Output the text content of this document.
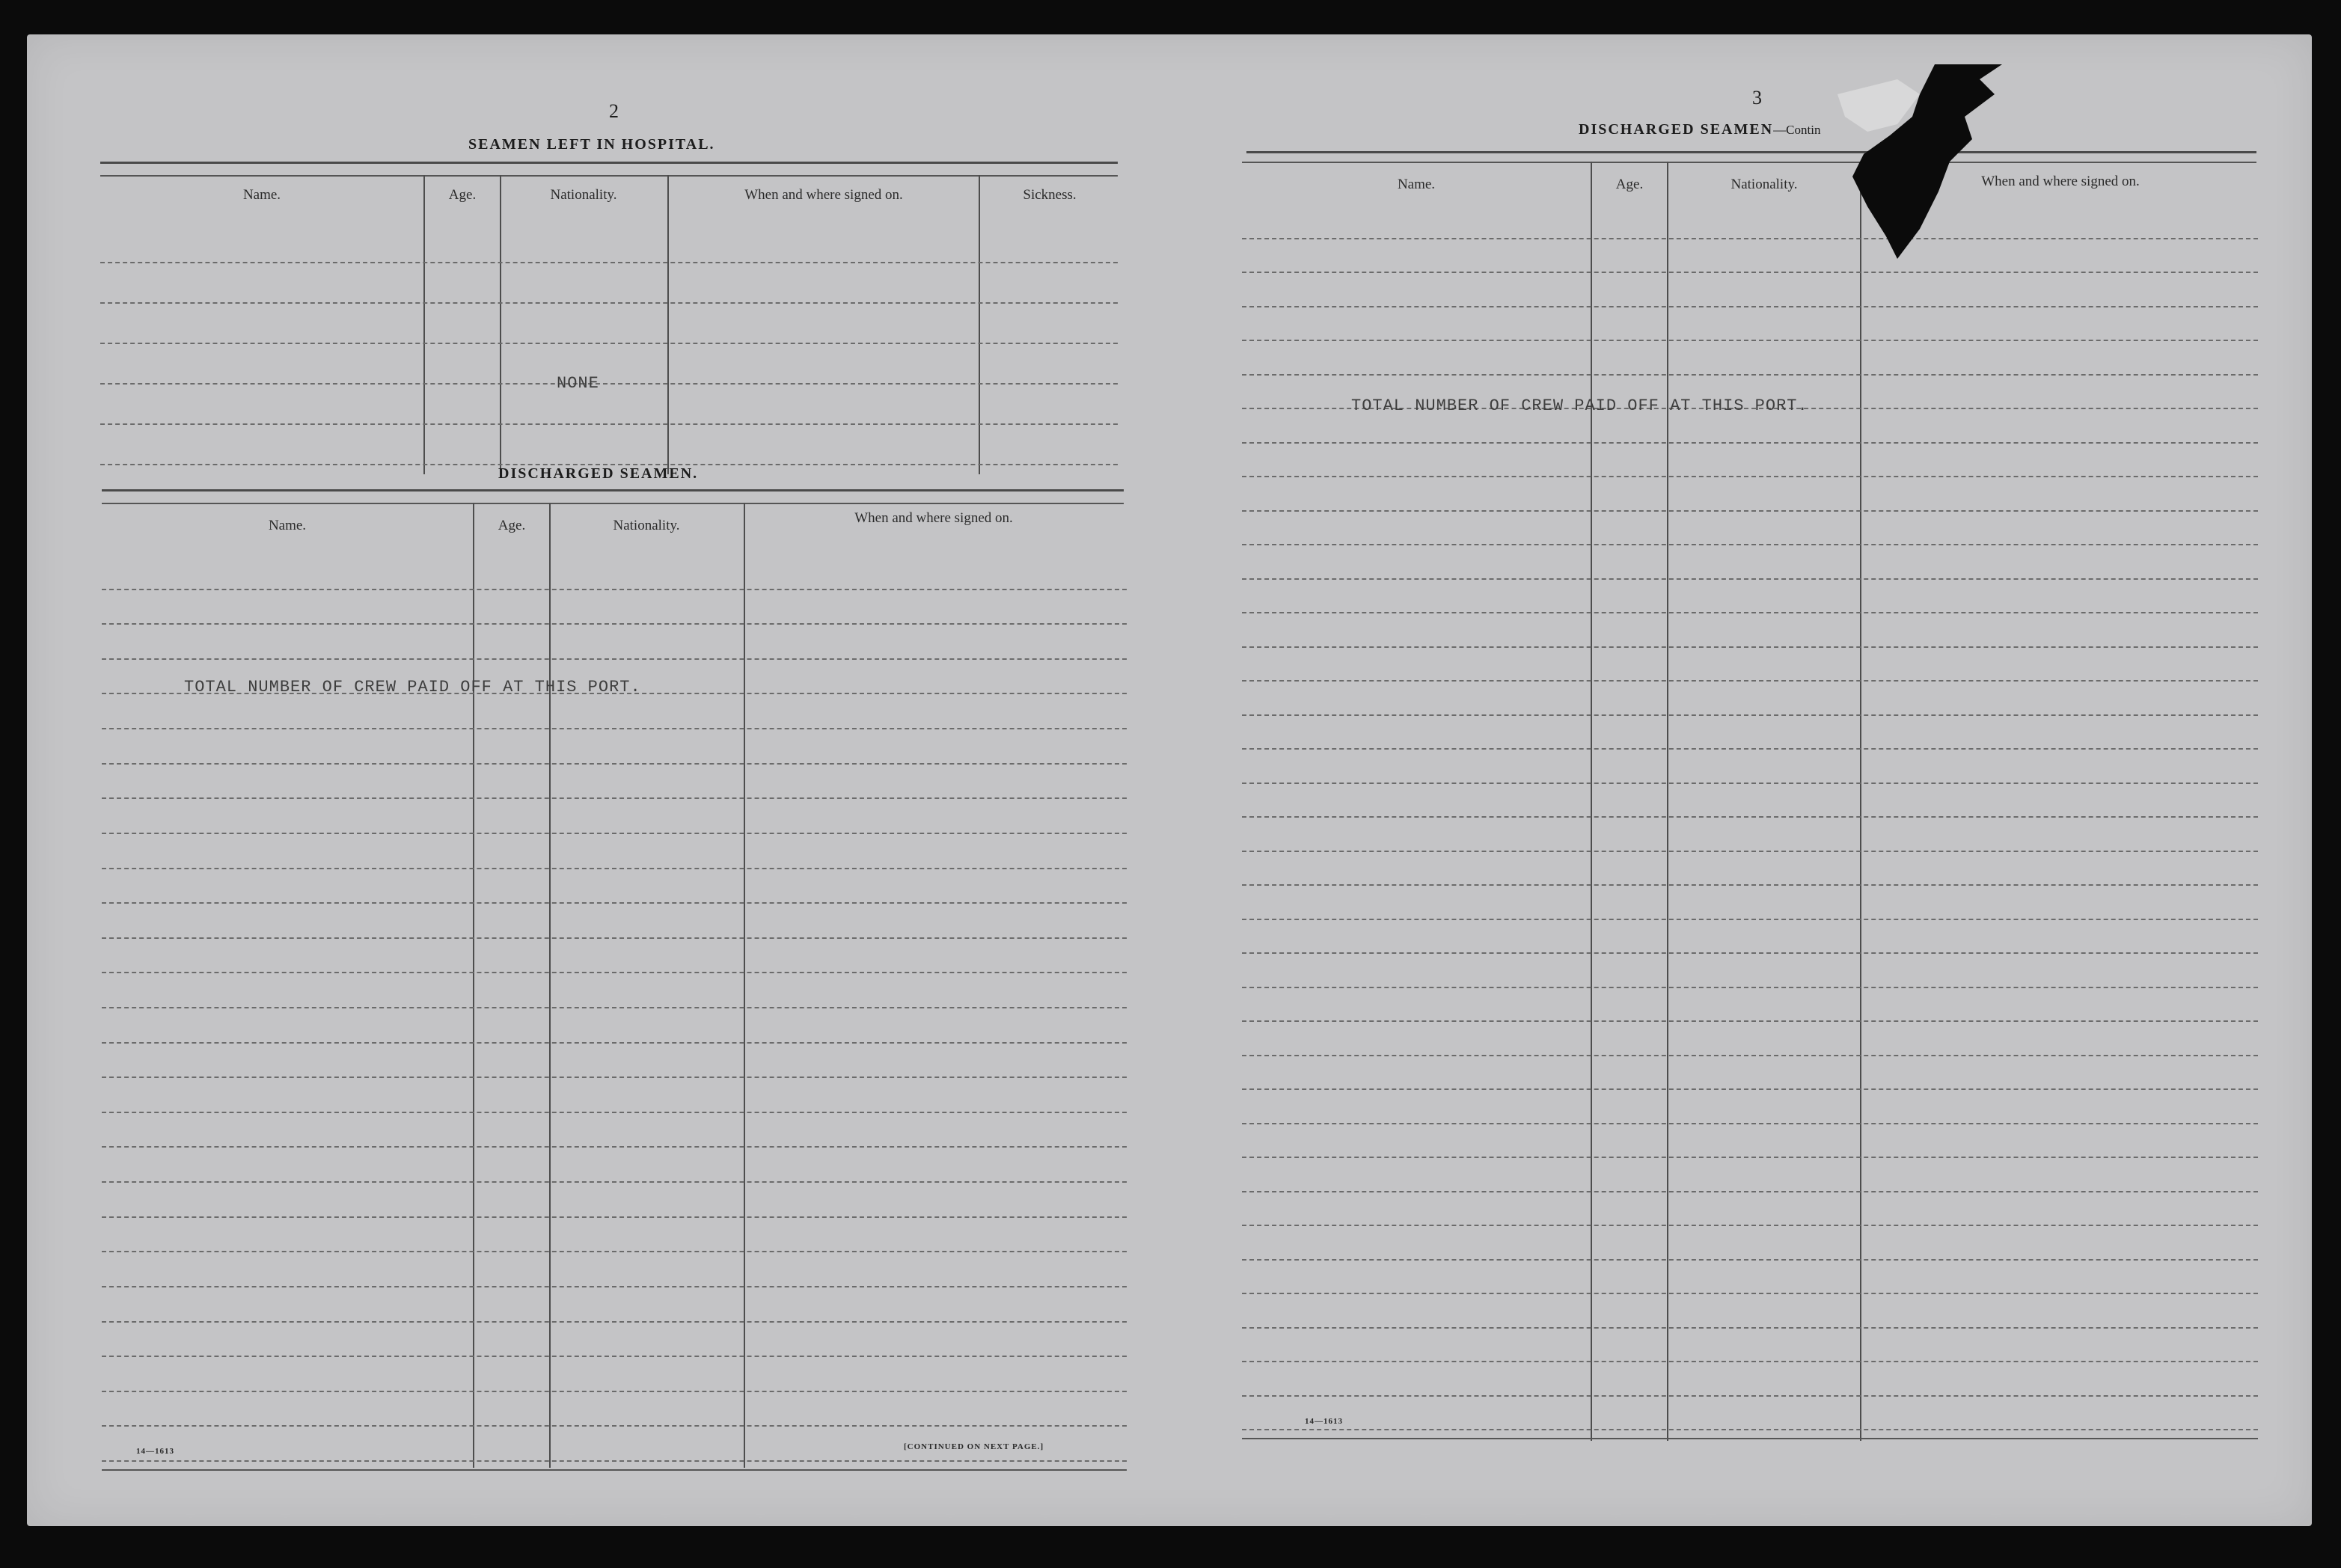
2
SEAMEN LEFT IN HOSPITAL.
Name.	Age.	Nationality.	When and where signed on.	Sickness.
NONE
DISCHARGED SEAMEN.
Name.	Age.	Nationality.	When and where signed on.
TOTAL NUMBER OF CREW PAID OFF AT THIS PORT.
14—1613	[CONTINUED ON NEXT PAGE.]
3
DISCHARGED SEAMEN—Contin
Name.	Age.	Nationality.	When and where signed on.
TOTAL NUMBER OF CREW PAID OFF AT THIS PORT.
14—1613
